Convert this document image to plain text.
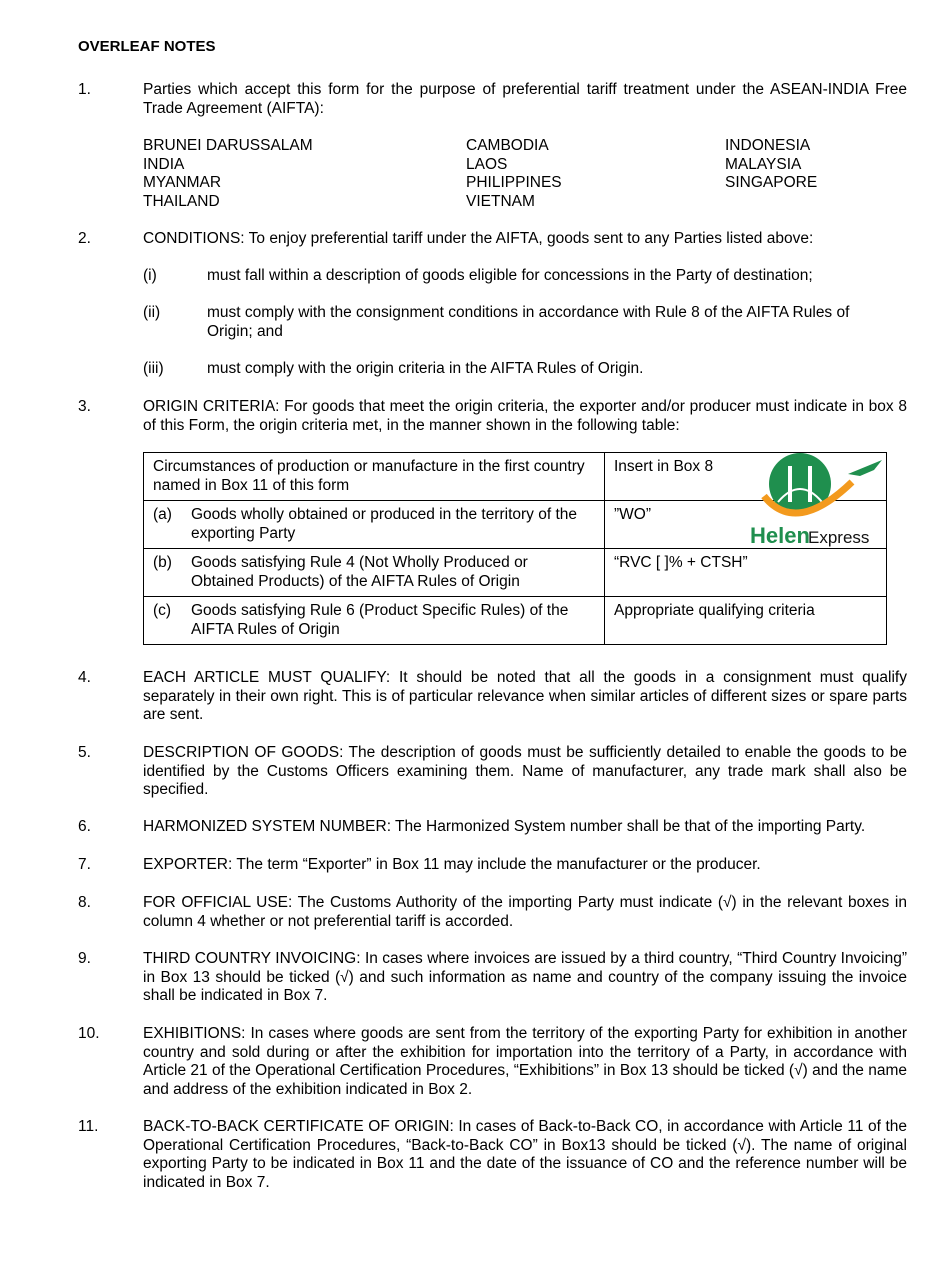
OVERLEAF NOTES
1.	Parties which accept this form for the purpose of preferential tariff treatment under the ASEAN-INDIA Free Trade Agreement (AIFTA):
BRUNEI DARUSSALAM
INDIA
MYANMAR
THAILAND
CAMBODIA
LAOS
PHILIPPINES
VIETNAM
INDONESIA
MALAYSIA
SINGAPORE
2.	CONDITIONS: To enjoy preferential tariff under the AIFTA, goods sent to any Parties listed above:
(i)	must fall within a description of goods eligible for concessions in the Party of destination;
(ii)	must comply with the consignment conditions in accordance with Rule 8 of the AIFTA Rules of Origin; and
(iii)	must comply with the origin criteria in the AIFTA Rules of Origin.
3.	ORIGIN CRITERIA: For goods that meet the origin criteria, the exporter and/or producer must indicate in box 8 of this Form, the origin criteria met, in the manner shown in the following table:
Circumstances of production or manufacture in the first country named in Box 11 of this form	Insert in Box 8
(a) Goods wholly obtained or produced in the territory of the exporting Party	”WO”
(b) Goods satisfying Rule 4 (Not Wholly Produced or Obtained Products) of the AIFTA Rules of Origin	“RVC [ ]% + CTSH”
(c) Goods satisfying Rule 6 (Product Specific Rules) of the AIFTA Rules of Origin	Appropriate qualifying criteria
Helen
Express
4.	EACH ARTICLE MUST QUALIFY: It should be noted that all the goods in a consignment must qualify separately in their own right. This is of particular relevance when similar articles of different sizes or spare parts are sent.
5.	DESCRIPTION OF GOODS: The description of goods must be sufficiently detailed to enable the goods to be identified by the Customs Officers examining them. Name of manufacturer, any trade mark shall also be specified.
6.	HARMONIZED SYSTEM NUMBER: The Harmonized System number shall be that of the importing Party.
7.	EXPORTER: The term “Exporter” in Box 11 may include the manufacturer or the producer.
8.	FOR OFFICIAL USE: The Customs Authority of the importing Party must indicate (√) in the relevant boxes in column 4 whether or not preferential tariff is accorded.
9.	THIRD COUNTRY INVOICING: In cases where invoices are issued by a third country, “Third Country Invoicing” in Box 13 should be ticked (√) and such information as name and country of the company issuing the invoice shall be indicated in Box 7.
10.	EXHIBITIONS: In cases where goods are sent from the territory of the exporting Party for exhibition in another country and sold during or after the exhibition for importation into the territory of a Party, in accordance with Article 21 of the Operational Certification Procedures, “Exhibitions” in Box 13 should be ticked (√) and the name and address of the exhibition indicated in Box 2.
11.	BACK-TO-BACK CERTIFICATE OF ORIGIN: In cases of Back-to-Back CO, in accordance with Article 11 of the Operational Certification Procedures, “Back-to-Back CO” in Box13 should be ticked (√). The name of original exporting Party to be indicated in Box 11 and the date of the issuance of CO and the reference number will be indicated in Box 7.
